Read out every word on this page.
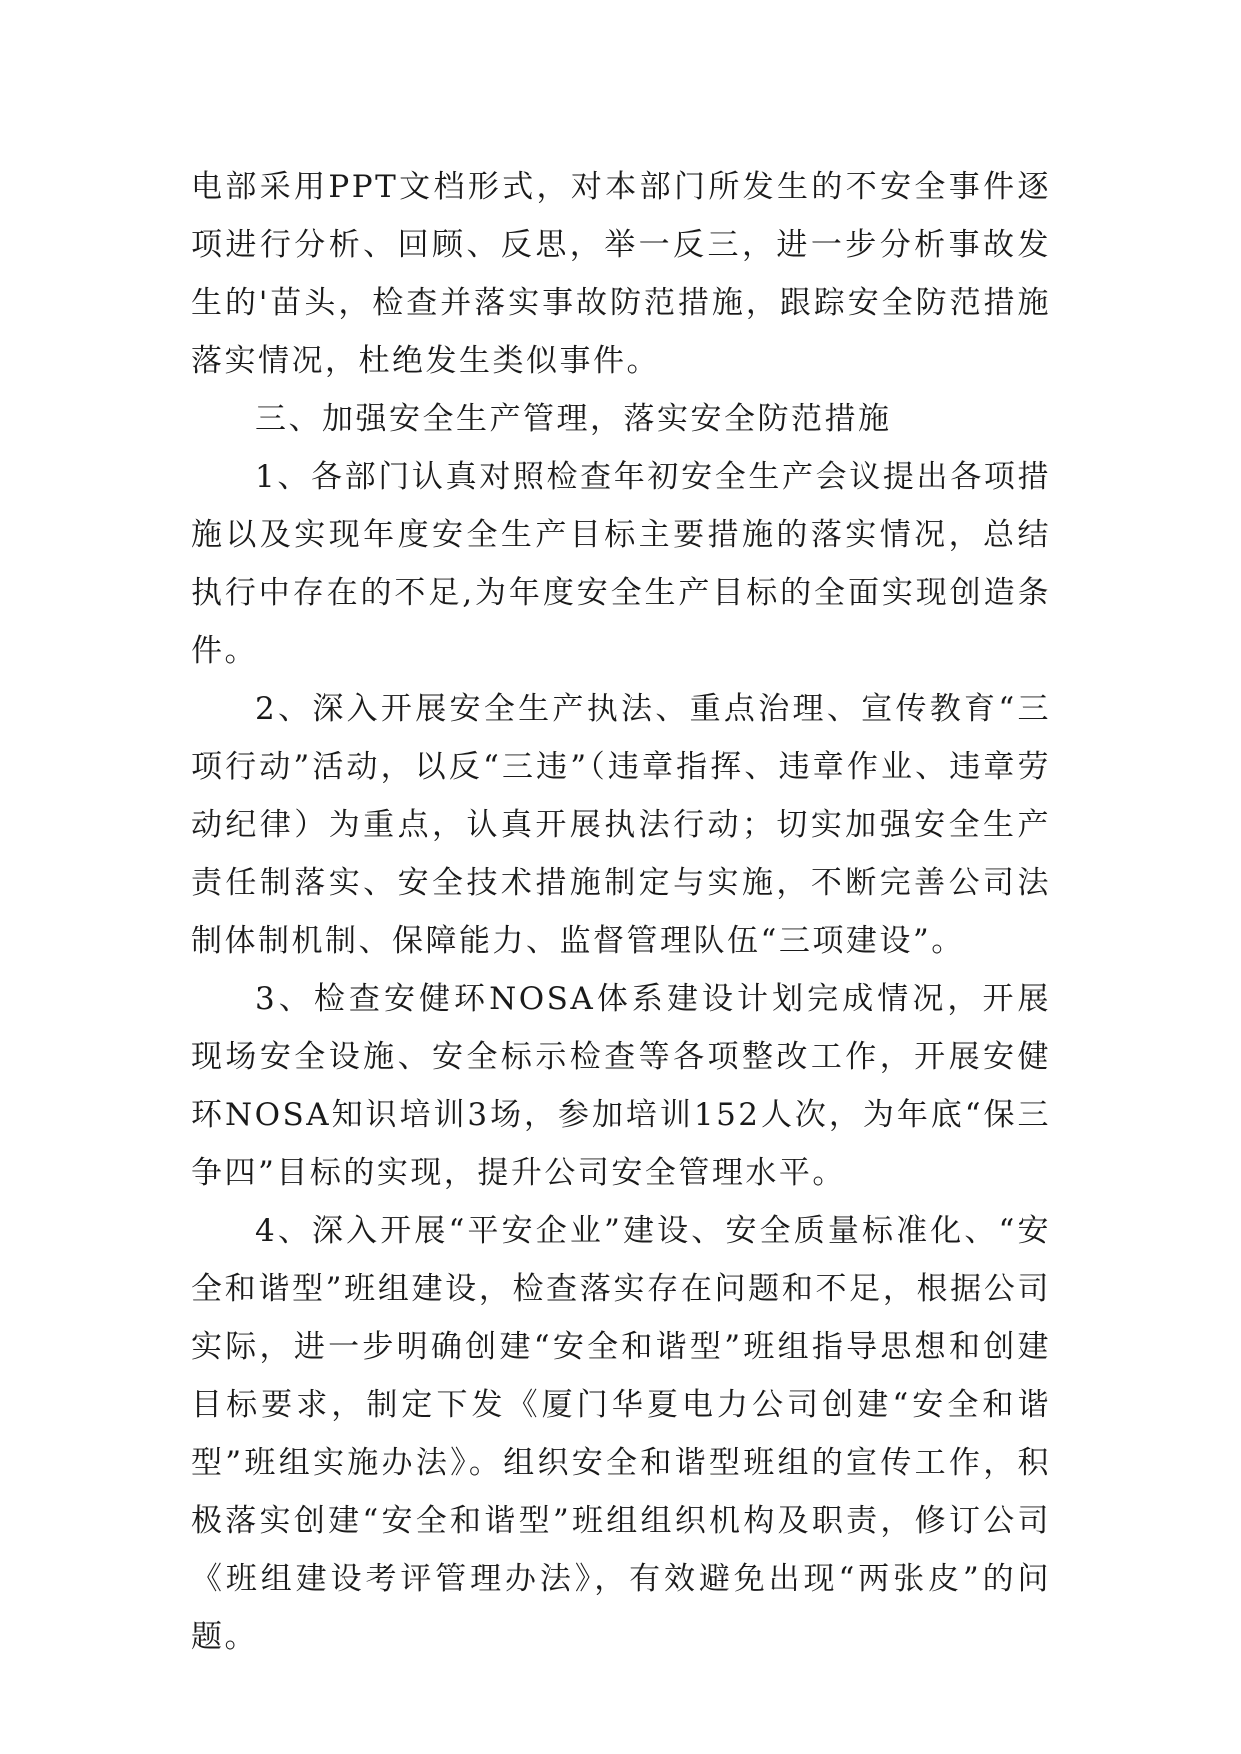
电部采用PPT文档形式，对本部门所发生的不安全事件逐项进行分析、回顾、反思，举一反三，进一步分析事故发生的'苗头，检查并落实事故防范措施，跟踪安全防范措施落实情况，杜绝发生类似事件。

三、加强安全生产管理，落实安全防范措施

1、各部门认真对照检查年初安全生产会议提出各项措施以及实现年度安全生产目标主要措施的落实情况，总结执行中存在的不足,为年度安全生产目标的全面实现创造条件。

2、深入开展安全生产执法、重点治理、宣传教育“三项行动”活动，以反“三违”（违章指挥、违章作业、违章劳动纪律）为重点，认真开展执法行动；切实加强安全生产责任制落实、安全技术措施制定与实施，不断完善公司法制体制机制、保障能力、监督管理队伍“三项建设”。

3、检查安健环NOSA体系建设计划完成情况，开展现场安全设施、安全标示检查等各项整改工作，开展安健环NOSA知识培训3场，参加培训152人次，为年底“保三争四”目标的实现，提升公司安全管理水平。

4、深入开展“平安企业”建设、安全质量标准化、“安全和谐型”班组建设，检查落实存在问题和不足，根据公司实际，进一步明确创建“安全和谐型”班组指导思想和创建目标要求，制定下发《厦门华夏电力公司创建“安全和谐型”班组实施办法》。组织安全和谐型班组的宣传工作，积极落实创建“安全和谐型”班组组织机构及职责，修订公司《班组建设考评管理办法》，有效避免出现“两张皮”的问题。
